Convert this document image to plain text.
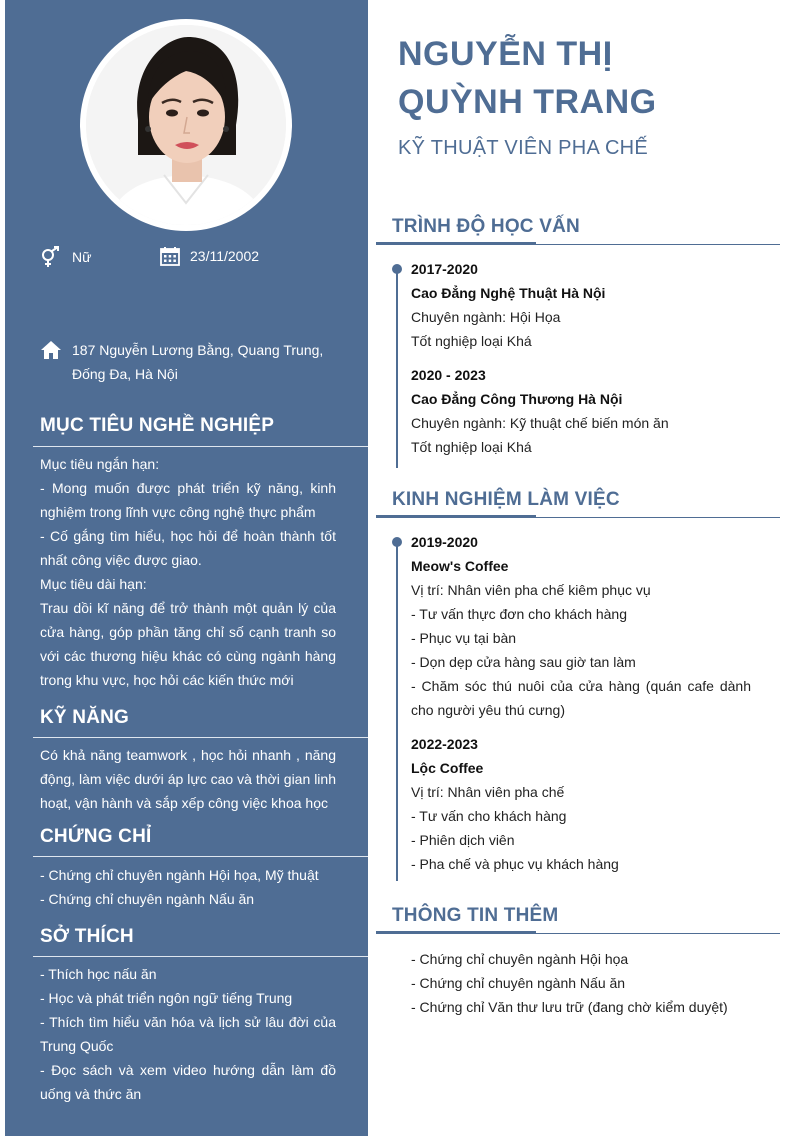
Nữ	23/11/2002
187 Nguyễn Lương Bằng, Quang Trung, Đống Đa, Hà Nội
MỤC TIÊU NGHỀ NGHIỆP

Mục tiêu ngắn hạn:

- Mong muốn được phát triển kỹ năng, kinh nghiệm trong lĩnh vực công nghệ thực phẩm

- Cố gắng tìm hiểu, học hỏi để hoàn thành tốt nhất công việc được giao.

Mục tiêu dài hạn:

Trau dồi kĩ năng để trở thành một quản lý của cửa hàng, góp phần tăng chỉ số cạnh tranh so với các thương hiệu khác có cùng ngành hàng trong khu vực, học hỏi các kiến thức mới

KỸ NĂNG
Có khả năng teamwork , học hỏi nhanh , năng động, làm việc dưới áp lực cao và thời gian linh hoạt, vận hành và sắp xếp công việc khoa học
CHỨNG CHỈ

- Chứng chỉ chuyên ngành Hội họa, Mỹ thuật

- Chứng chỉ chuyên ngành Nấu ăn

SỞ THÍCH

- Thích học nấu ăn

- Học và phát triển ngôn ngữ tiếng Trung

- Thích tìm hiểu văn hóa và lịch sử lâu đời của Trung Quốc

- Đọc sách và xem video hướng dẫn làm đồ uống và thức ăn

NGUYỄN THỊ
QUỲNH TRANG
KỸ THUẬT VIÊN PHA CHẾ
TRÌNH ĐỘ HỌC VẤN
2017-2020
Cao Đẳng Nghệ Thuật Hà Nội
Chuyên ngành: Hội Họa
Tốt nghiệp loại Khá
2020 - 2023
Cao Đẳng Công Thương Hà Nội
Chuyên ngành: Kỹ thuật chế biến món ăn
Tốt nghiệp loại Khá
KINH NGHIỆM LÀM VIỆC
2019-2020
Meow's Coffee
Vị trí: Nhân viên pha chế kiêm phục vụ
- Tư vấn thực đơn cho khách hàng
- Phục vụ tại bàn
- Dọn dẹp cửa hàng sau giờ tan làm
- Chăm sóc thú nuôi của cửa hàng (quán cafe dành cho người yêu thú cưng)
2022-2023
Lộc Coffee
Vị trí: Nhân viên pha chế
- Tư vấn cho khách hàng
- Phiên dịch viên
- Pha chế và phục vụ khách hàng
THÔNG TIN THÊM
- Chứng chỉ chuyên ngành Hội họa
- Chứng chỉ chuyên ngành Nấu ăn
- Chứng chỉ Văn thư lưu trữ (đang chờ kiểm duyệt)
